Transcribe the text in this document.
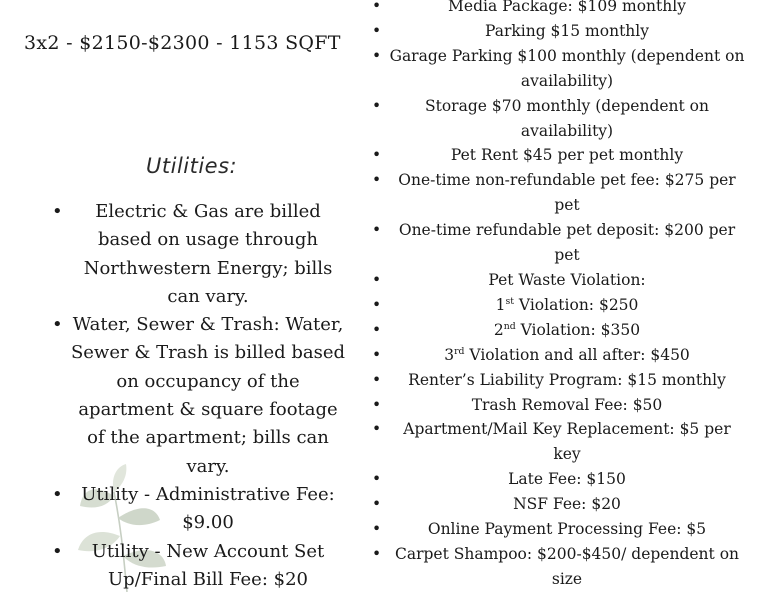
3x2 - $2150-$2300 - 1153 SQFT

Utilities:
• Electric & Gas are billed based on usage through Northwestern Energy; bills can vary.
• Water, Sewer & Trash: Water, Sewer & Trash is billed based on occupancy of the apartment & square footage of the apartment; bills can vary.
• Utility - Administrative Fee: $9.00
• Utility - New Account Set Up/Final Bill Fee: $20
•	Media Package: $109 monthly
•	Parking $15 monthly
• Garage Parking $100 monthly (dependent on availability)
•	Storage $70 monthly (dependent on availability)
•	Pet Rent $45 per pet monthly
• One-time non-refundable pet fee: $275 per pet
• One-time refundable pet deposit: $200 per pet
•	Pet Waste Violation:
•	1st Violation: $250
•	2nd Violation: $350
•	3rd Violation and all after: $450
• Renter’s Liability Program: $15 monthly
•	Trash Removal Fee: $50
• Apartment/Mail Key Replacement: $5 per key
•	Late Fee: $150
•	NSF Fee: $20
•	Online Payment Processing Fee: $5
• Carpet Shampoo: $200-$450/ dependent on size
